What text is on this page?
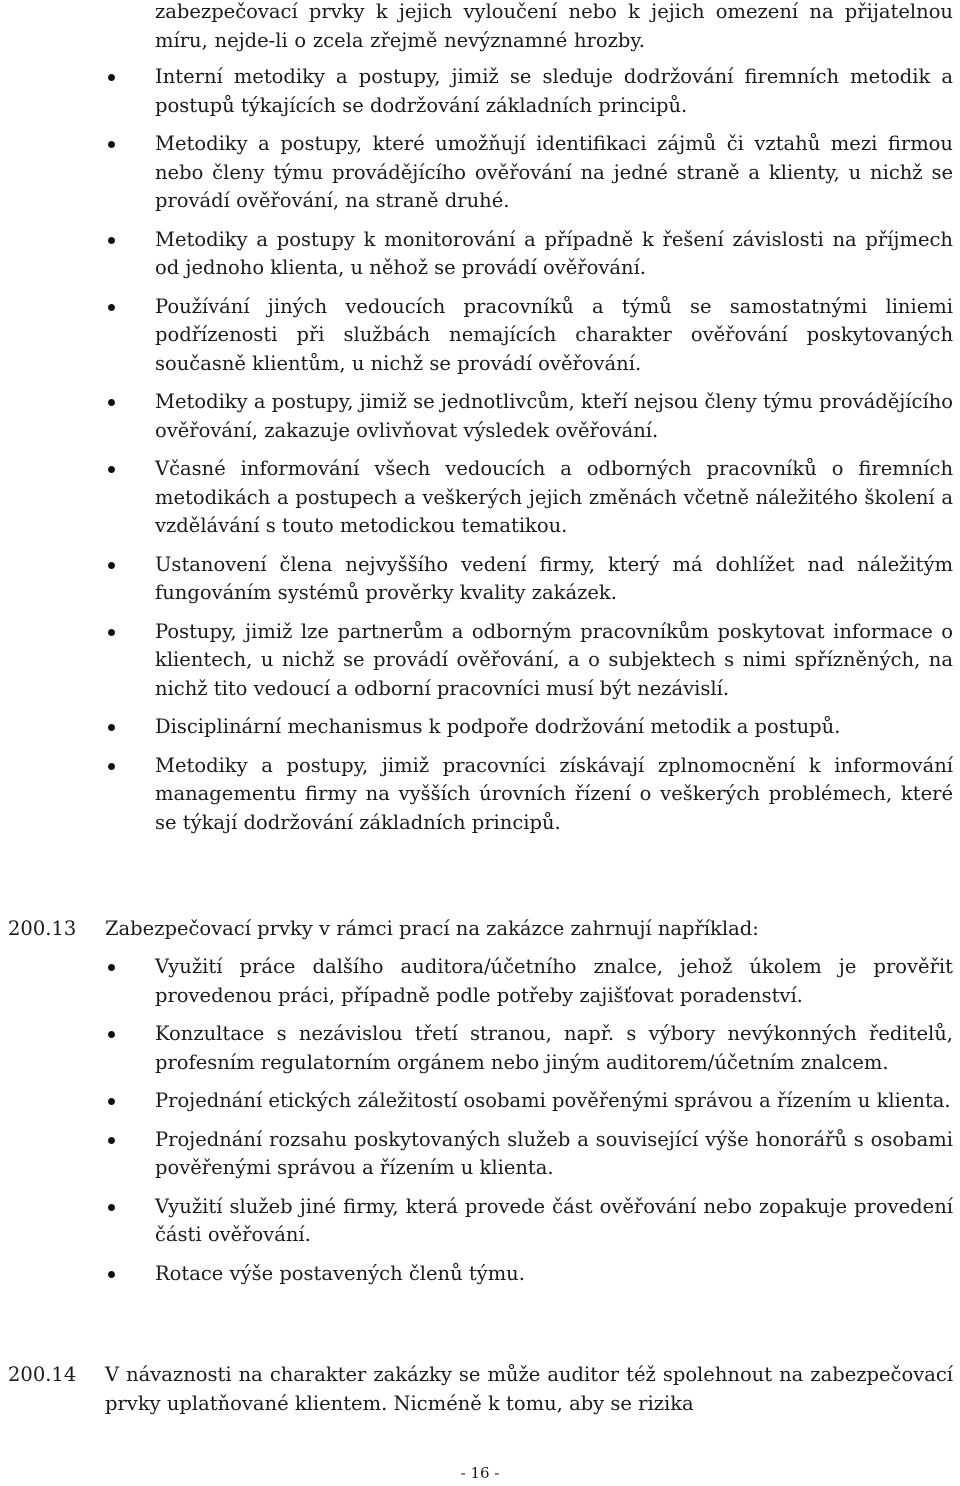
zabezpečovací prvky k jejich vyloučení nebo k jejich omezení na přijatelnou míru, nejde-li o zcela zřejmě nevýznamné hrozby.

Interní metodiky a postupy, jimiž se sleduje dodržování firemních metodik a postupů týkajících se dodržování základních principů.
Metodiky a postupy, které umožňují identifikaci zájmů či vztahů mezi firmou nebo členy týmu provádějícího ověřování na jedné straně a klienty, u nichž se provádí ověřování, na straně druhé.
Metodiky a postupy k monitorování a případně k řešení závislosti na příjmech od jednoho klienta, u něhož se provádí ověřování.
Používání jiných vedoucích pracovníků a týmů se samostatnými liniemi podřízenosti při službách nemajících charakter ověřování poskytovaných současně klientům, u nichž se provádí ověřování.
Metodiky a postupy, jimiž se jednotlivcům, kteří nejsou členy týmu provádějícího ověřování, zakazuje ovlivňovat výsledek ověřování.
Včasné informování všech vedoucích a odborných pracovníků o firemních metodikách a postupech a veškerých jejich změnách včetně náležitého školení a vzdělávání s touto metodickou tematikou.
Ustanovení člena nejvyššího vedení firmy, který má dohlížet nad náležitým fungováním systémů prověrky kvality zakázek.
Postupy, jimiž lze partnerům a odborným pracovníkům poskytovat informace o klientech, u nichž se provádí ověřování, a o subjektech s nimi spřízněných, na nichž tito vedoucí a odborní pracovníci musí být nezávislí.
Disciplinární mechanismus k podpoře dodržování metodik a postupů.
Metodiky a postupy, jimiž pracovníci získávají zplnomocnění k informování managementu firmy na vyšších úrovních řízení o veškerých problémech, které se týkají dodržování základních principů.
200.13	Zabezpečovací prvky v rámci prací na zakázce zahrnují například:
Využití práce dalšího auditora/účetního znalce, jehož úkolem je prověřit provedenou práci, případně podle potřeby zajišťovat poradenství.
Konzultace s nezávislou třetí stranou, např. s výbory nevýkonných ředitelů, profesním regulatorním orgánem nebo jiným auditorem/účetním znalcem.
Projednání etických záležitostí osobami pověřenými správou a řízením u klienta.
Projednání rozsahu poskytovaných služeb a související výše honorářů s osobami pověřenými správou a řízením u klienta.
Využití služeb jiné firmy, která provede část ověřování nebo zopakuje provedení části ověřování.
Rotace výše postavených členů týmu.
200.14	V návaznosti na charakter zakázky se může auditor též spolehnout na zabezpečovací prvky uplatňované klientem. Nicméně k tomu, aby se rizika
- 16 -
